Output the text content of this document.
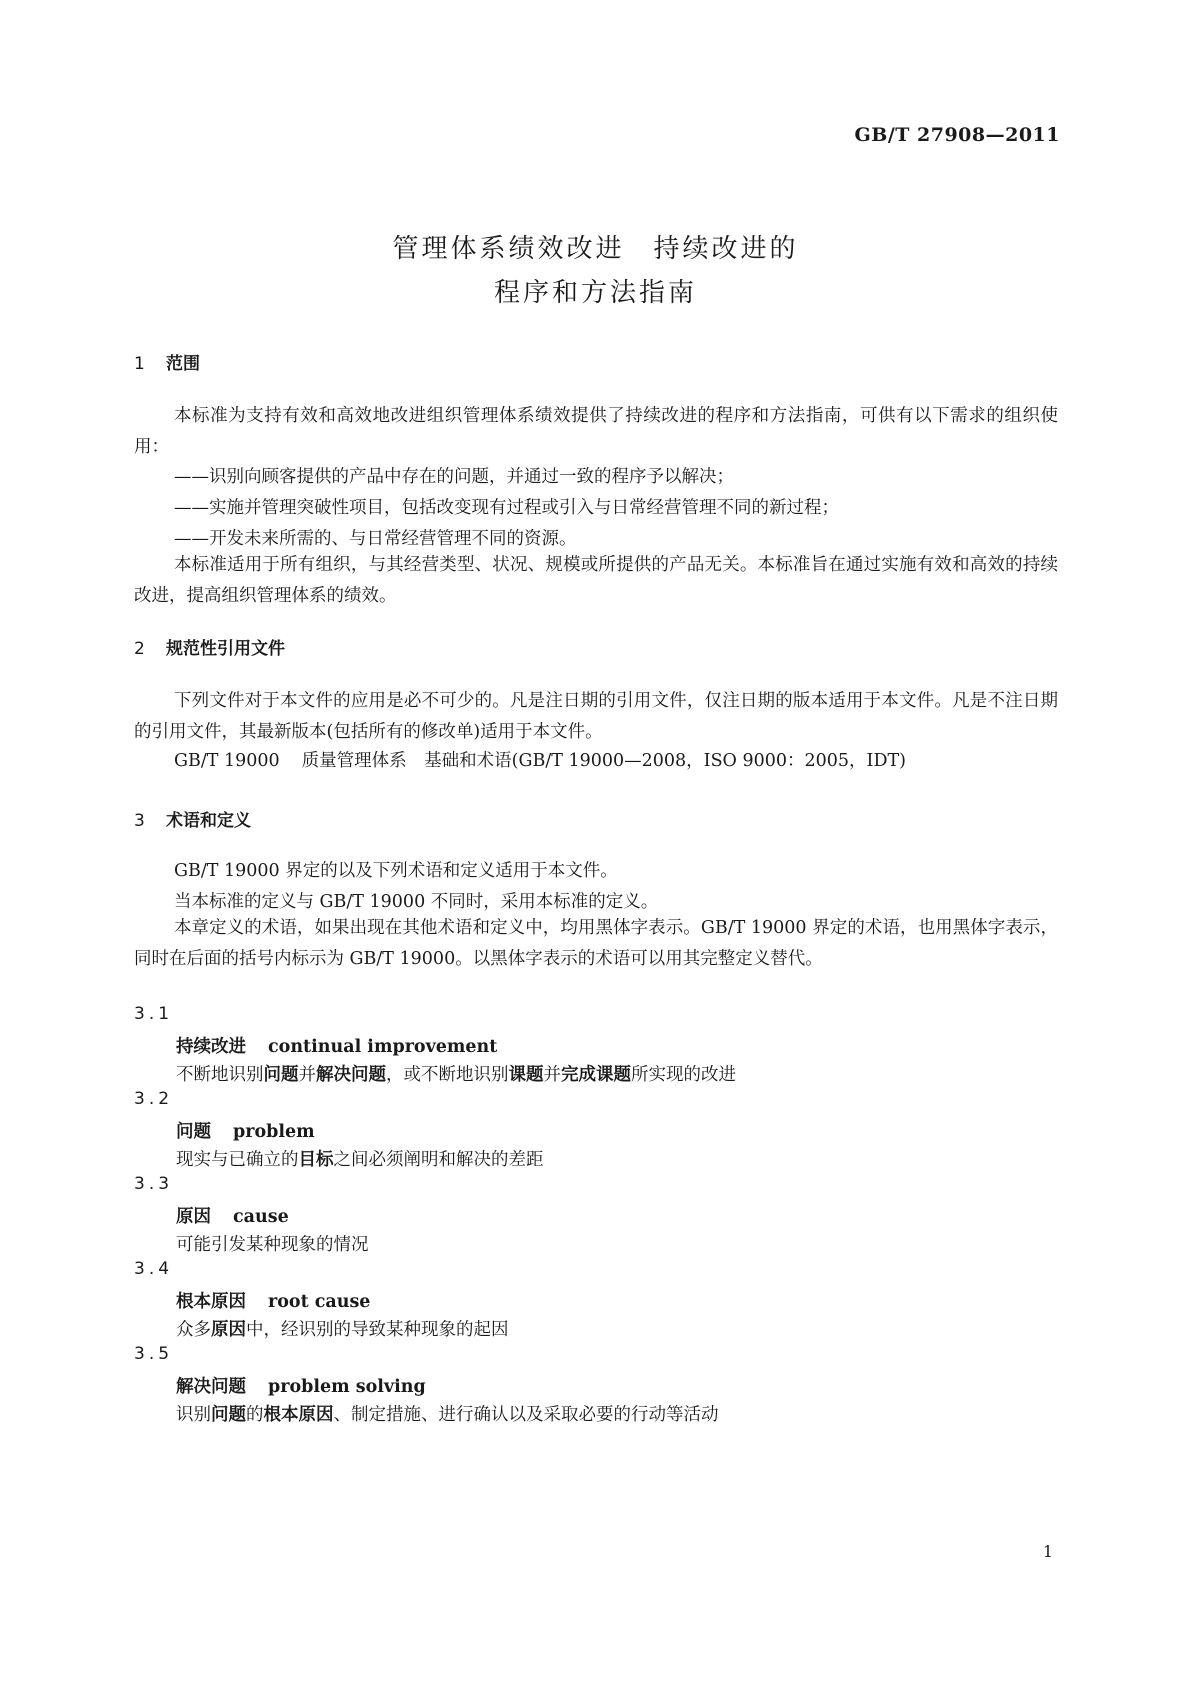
GB/T 27908—2011
管理体系绩效改进　持续改进的
程序和方法指南
1 范围
本标准为支持有效和高效地改进组织管理体系绩效提供了持续改进的程序和方法指南，可供有以下需求的组织使用：
——识别向顾客提供的产品中存在的问题，并通过一致的程序予以解决；
——实施并管理突破性项目，包括改变现有过程或引入与日常经营管理不同的新过程；
——开发未来所需的、与日常经营管理不同的资源。
本标准适用于所有组织，与其经营类型、状况、规模或所提供的产品无关。本标准旨在通过实施有效和高效的持续改进，提高组织管理体系的绩效。
2 规范性引用文件
下列文件对于本文件的应用是必不可少的。凡是注日期的引用文件，仅注日期的版本适用于本文件。凡是不注日期的引用文件，其最新版本(包括所有的修改单)适用于本文件。
GB/T 19000 质量管理体系　基础和术语(GB/T 19000—2008，ISO 9000：2005，IDT)
3 术语和定义
GB/T 19000 界定的以及下列术语和定义适用于本文件。
当本标准的定义与 GB/T 19000 不同时，采用本标准的定义。
本章定义的术语，如果出现在其他术语和定义中，均用黑体字表示。GB/T 19000 界定的术语，也用黑体字表示，同时在后面的括号内标示为 GB/T 19000。以黑体字表示的术语可以用其完整定义替代。
3.1
持续改进 continual improvement
不断地识别问题并解决问题，或不断地识别课题并完成课题所实现的改进
3.2
问题 problem
现实与已确立的目标之间必须阐明和解决的差距
3.3
原因 cause
可能引发某种现象的情况
3.4
根本原因 root cause
众多原因中，经识别的导致某种现象的起因
3.5
解决问题 problem solving
识别问题的根本原因、制定措施、进行确认以及采取必要的行动等活动
1
